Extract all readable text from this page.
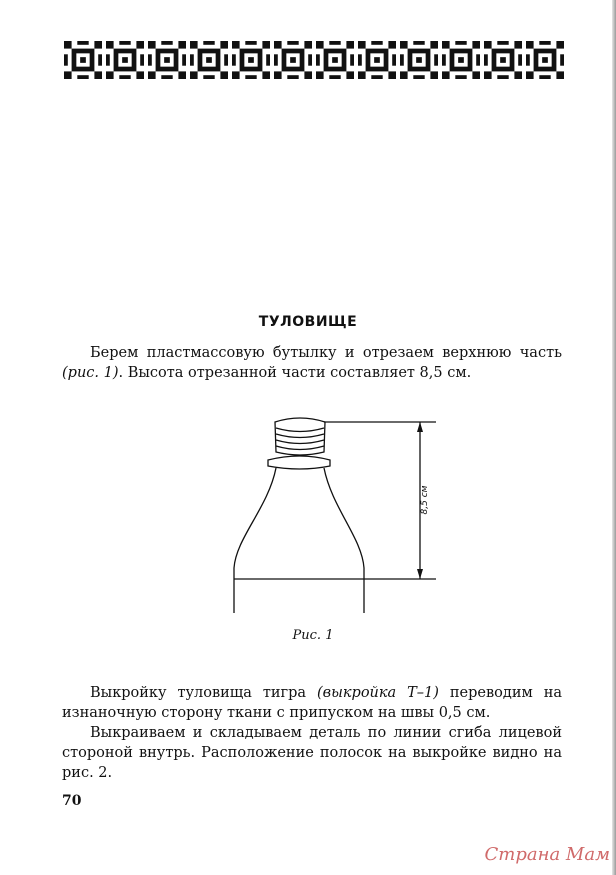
ТУЛОВИЩЕ

Берем пластмассовую бутылку и отрезаем верхнюю часть (рис. 1). Высота отрезанной части составляет 8,5 см.

8,5 см
Рис. 1

Выкройку туловища тигра (выкройка Т–1) переводим на изнаночную сторону ткани с припуском на швы 0,5 см.

Выкраиваем и складываем деталь по линии сгиба лицевой стороной внутрь. Расположение полосок на выкройке видно на рис. 2.

70
Страна Мам
